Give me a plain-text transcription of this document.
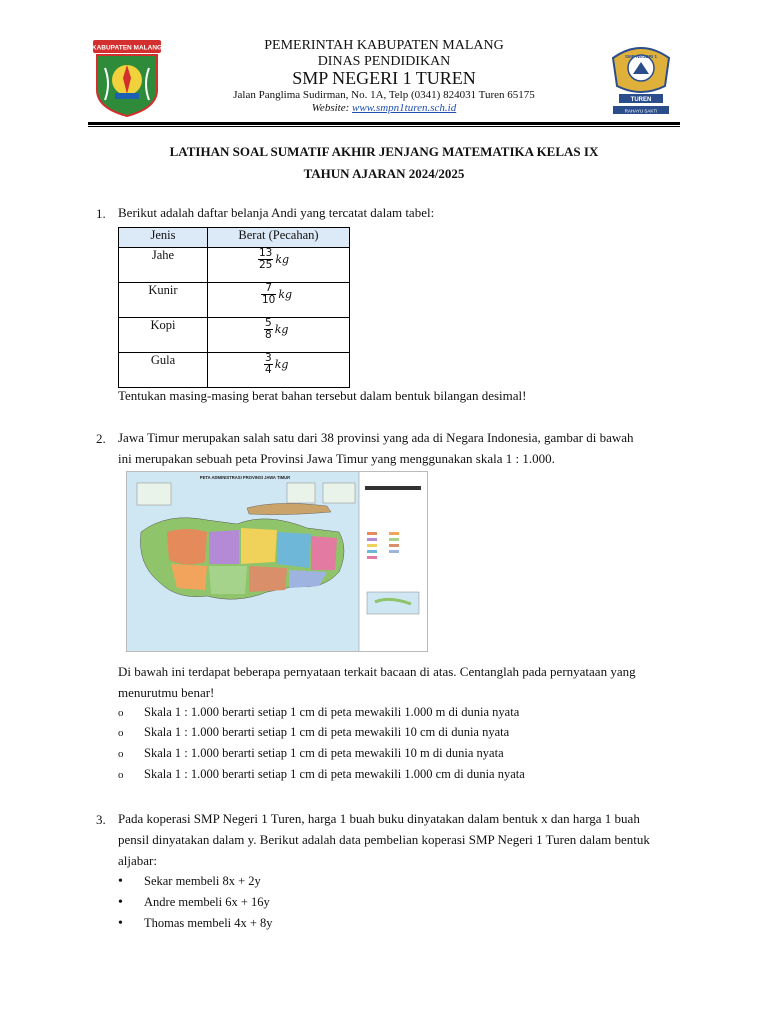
KABUPATEN MALANG	PEMERINTAH KABUPATEN MALANG
DINAS PENDIDIKAN
SMP NEGERI 1 TUREN
Jalan Panglima Sudirman, No. 1A, Telp (0341) 824031 Turen 65175
Website: www.smpn1turen.sch.id
SMP NEGERI 1
TUREN
RAHAYU SAKTI
LATIHAN SOAL SUMATIF AKHIR JENJANG MATEMATIKA KELAS IX
TAHUN AJARAN 2024/2025
1. Berikut adalah daftar belanja Andi yang tercatat dalam tabel:
Jenis	Berat (Pecahan)
Jahe	$\frac{13}{25}$ kg
Kunir	$\frac{7}{10}$ kg
Kopi	$\frac{5}{8}$ kg
Gula	$\frac{3}{4}$ kg
Tentukan masing-masing berat bahan tersebut dalam bentuk bilangan desimal!
2. Jawa Timur merupakan salah satu dari 38 provinsi yang ada di Negara Indonesia, gambar di bawah
ini merupakan sebuah peta Provinsi Jawa Timur yang menggunakan skala 1 : 1.000.
PETA ADMINISTRASI PROVINSI JAWA TIMUR
Di bawah ini terdapat beberapa pernyataan terkait bacaan di atas. Centanglah pada pernyataan yang
menurutmu benar!
o Skala 1 : 1.000 berarti setiap 1 cm di peta mewakili 1.000 m di dunia nyata
o Skala 1 : 1.000 berarti setiap 1 cm di peta mewakili 10 cm di dunia nyata
o Skala 1 : 1.000 berarti setiap 1 cm di peta mewakili 10 m di dunia nyata
o Skala 1 : 1.000 berarti setiap 1 cm di peta mewakili 1.000 cm di dunia nyata
3. Pada koperasi SMP Negeri 1 Turen, harga 1 buah buku dinyatakan dalam bentuk x dan harga 1 buah
pensil dinyatakan dalam y. Berikut adalah data pembelian koperasi SMP Negeri 1 Turen dalam bentuk
aljabar:
• Sekar membeli 8x + 2y
• Andre membeli 6x + 16y
• Thomas membeli 4x + 8y
